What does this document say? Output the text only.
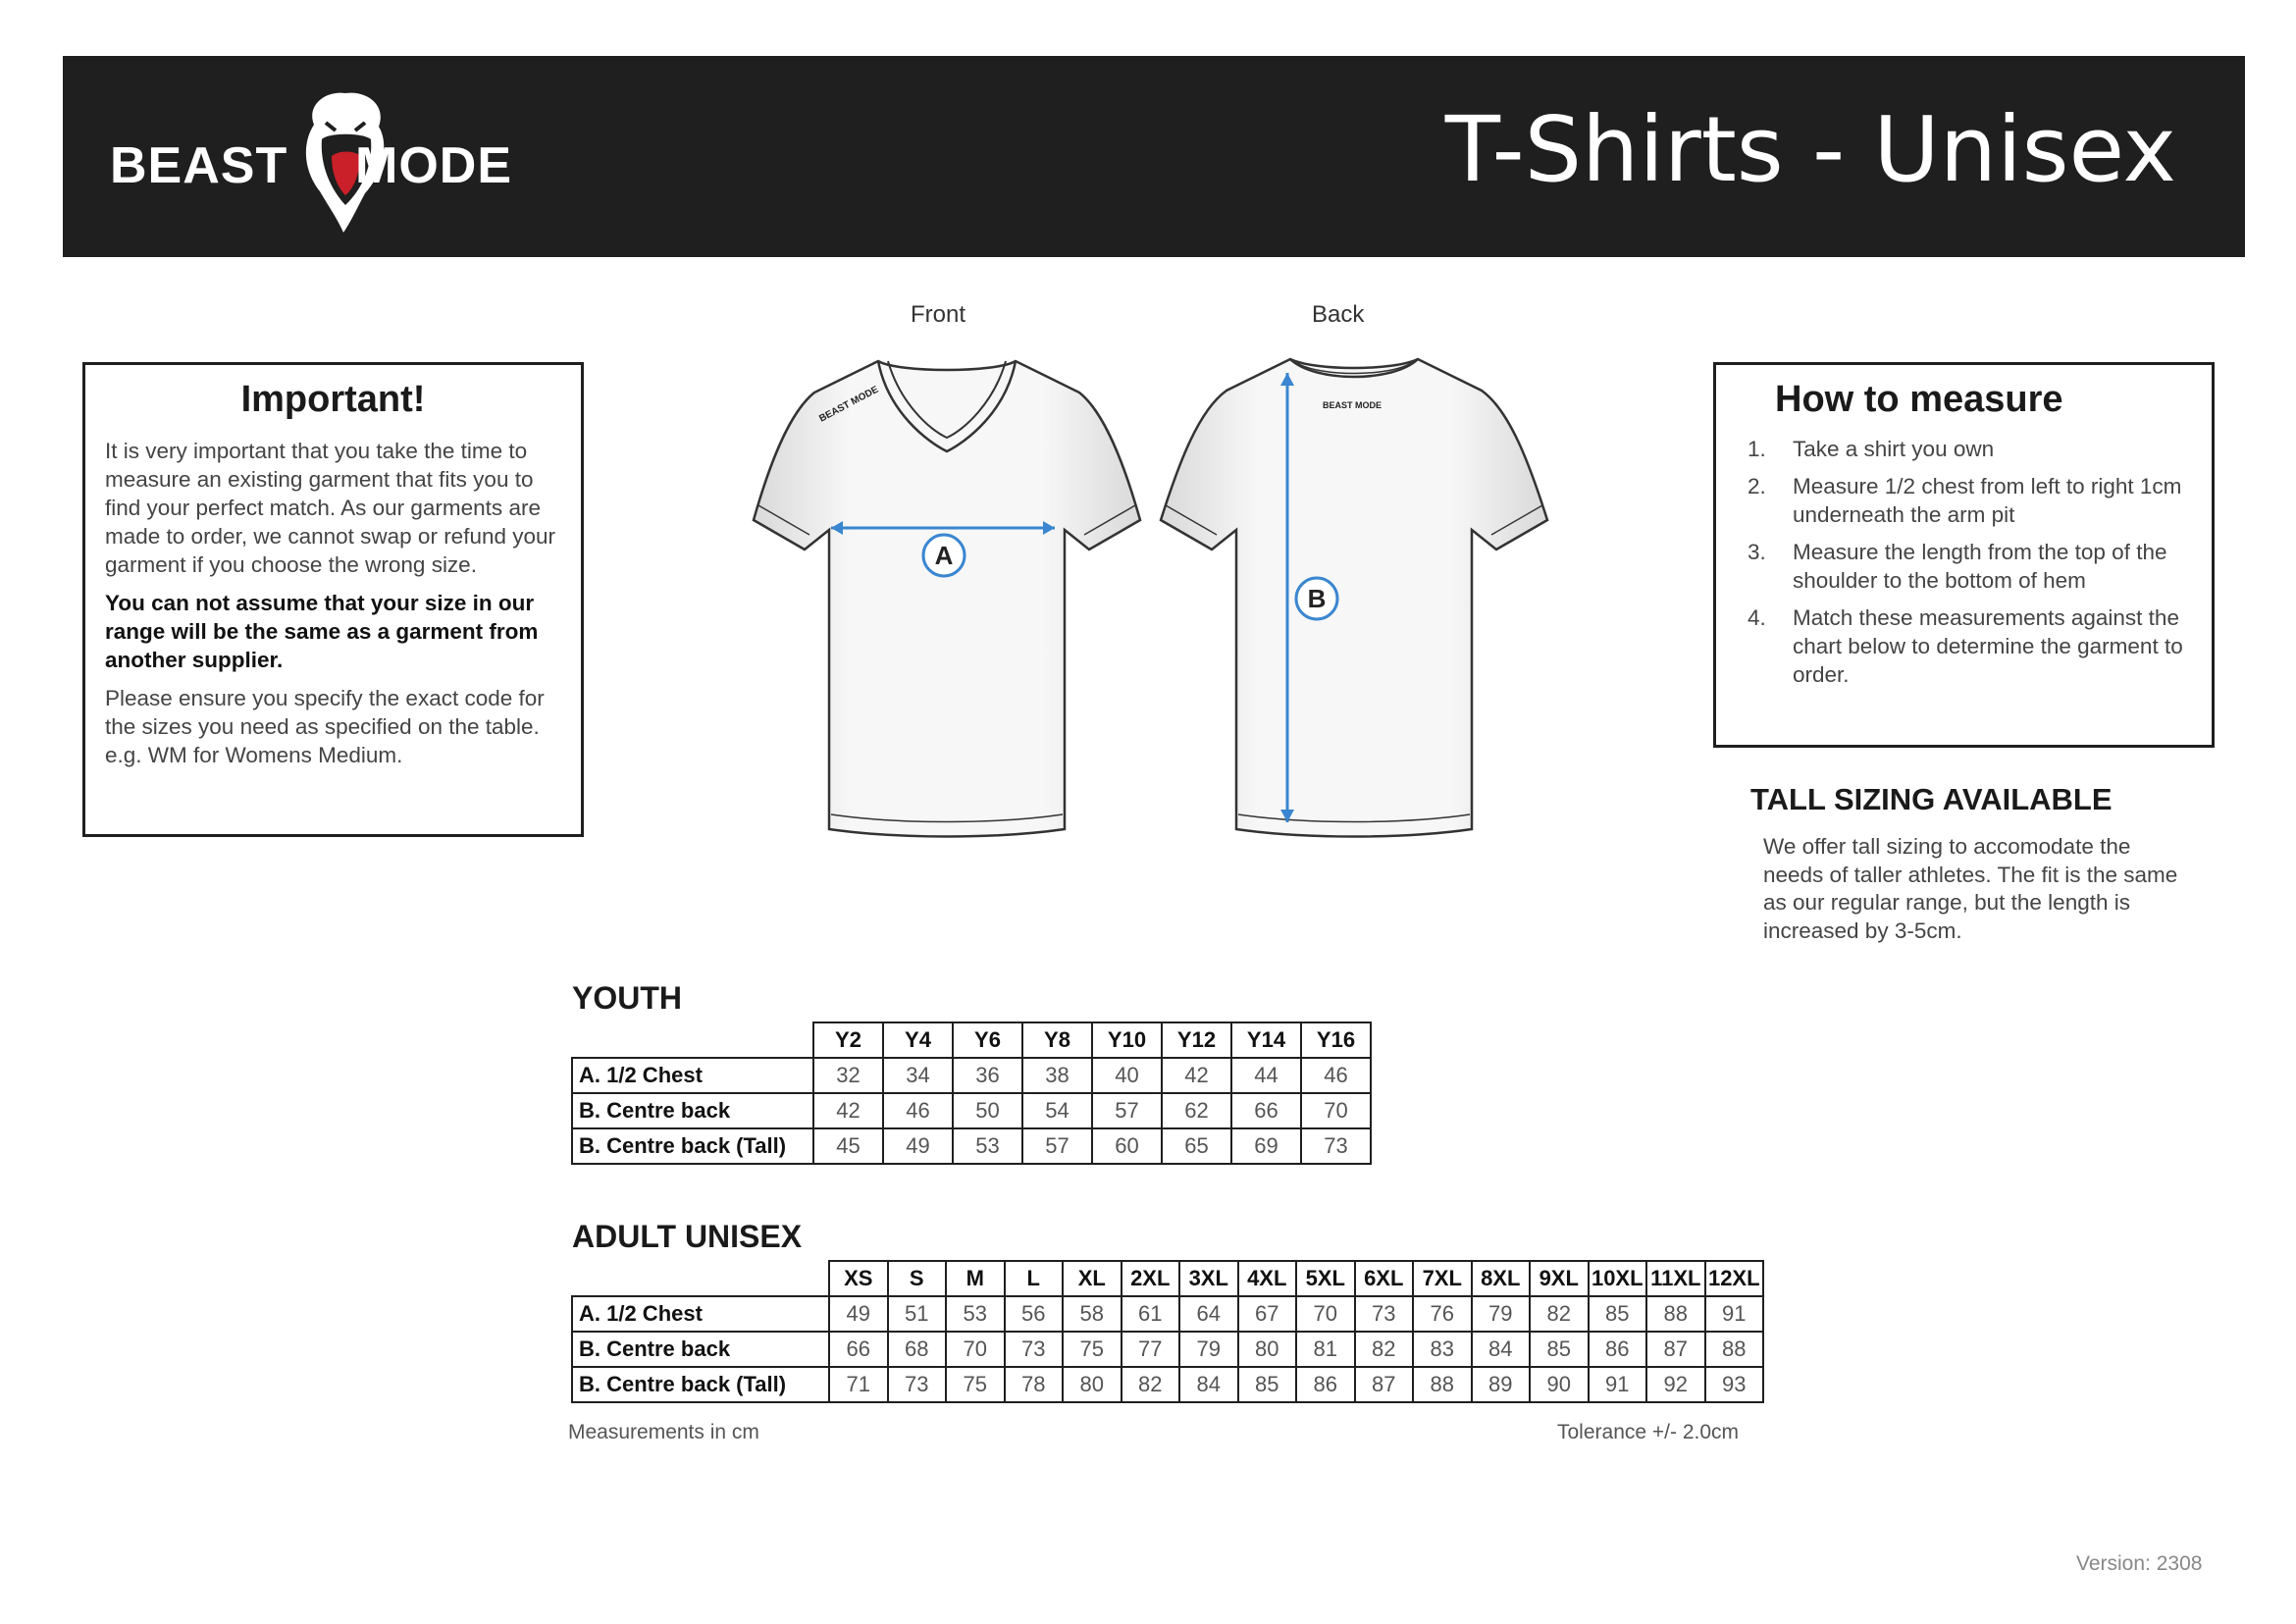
BEAST MODE	T-Shirts - Unisex
Important!

It is very important that you take the time to measure an existing garment that fits you to find your perfect match. As our garments are made to order, we cannot swap or refund your garment if you choose the wrong size.

You can not assume that your size in our range will be the same as a garment from another supplier.

Please ensure you specify the exact code for the sizes you need as specified on the table. e.g. WM for Womens Medium.

Front	Back
BEAST MODE
A
BEAST MODE
B
How to measure
1. Take a shirt you own
2. Measure 1/2 chest from left to right 1cm underneath the arm pit
3. Measure the length from the top of the shoulder to the bottom of hem
4. Match these measurements against the chart below to determine the garment to order.
TALL SIZING AVAILABLE
We offer tall sizing to accomodate the needs of taller athletes. The fit is the same as our regular range, but the length is increased by 3-5cm.
YOUTH
	Y2	Y4	Y6	Y8	Y10	Y12	Y14	Y16
A. 1/2 Chest	32	34	36	38	40	42	44	46
B. Centre back	42	46	50	54	57	62	66	70
B. Centre back (Tall)	45	49	53	57	60	65	69	73
ADULT UNISEX
	XS	S	M	L	XL	2XL	3XL	4XL	5XL	6XL	7XL	8XL	9XL	10XL	11XL	12XL
A. 1/2 Chest	49	51	53	56	58	61	64	67	70	73	76	79	82	85	88	91
B. Centre back	66	68	70	73	75	77	79	80	81	82	83	84	85	86	87	88
B. Centre back (Tall)	71	73	75	78	80	82	84	85	86	87	88	89	90	91	92	93
Measurements in cm	Tolerance +/- 2.0cm
Version: 2308
